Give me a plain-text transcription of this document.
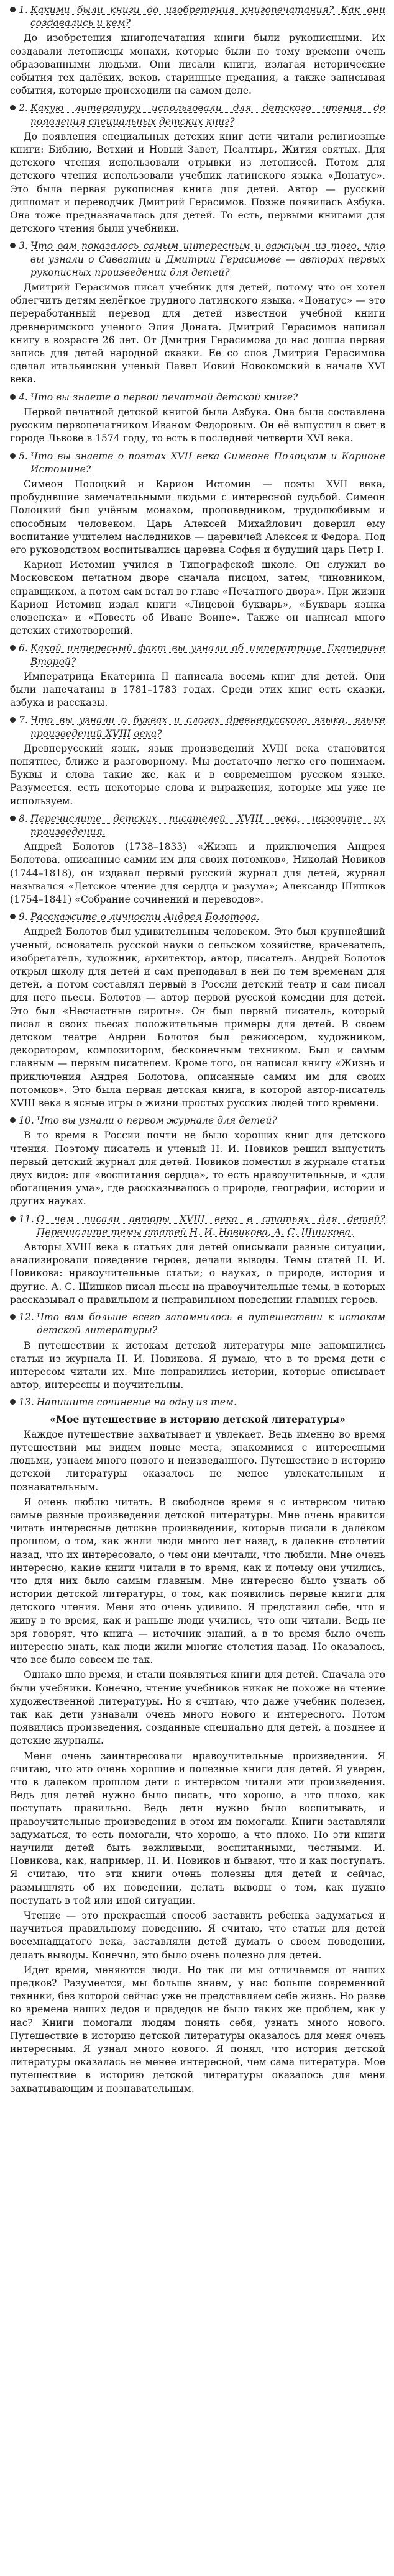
1. Какими были книги до изобретения книгопечатания? Как они создавались и кем?

До изобретения книгопечатания книги были рукописными. Их создавали летописцы монахи, которые были по тому времени очень образованными людьми. Они писали книги, излагая исторические события тех далёких, веков, старинные предания, а также записывая события, которые происходили на самом деле.

2. Какую литературу использовали для детского чтения до появления специальных детских книг?

До появления специальных детских книг дети читали религиозные книги: Библию, Ветхий и Новый Завет, Псалтырь, Жития святых. Для детского чтения использовали отрывки из летописей. Потом для детского чтения использовали учебник латинского языка «Донатус». Это была первая рукописная книга для детей. Автор — русский дипломат и переводчик Дмитрий Герасимов. Позже появилась Азбука. Она тоже предназначалась для детей. То есть, первыми книгами для детского чтения были учебники.

3. Что вам показалось самым интересным и важным из того, что вы узнали о Савватии и Дмитрии Герасимове — авторах первых рукописных произведений для детей?

Дмитрий Герасимов писал учебник для детей, потому что он хотел облегчить детям нелёгкое трудного латинского языка. «Донатус» — это переработанный перевод для детей известной учебной книги древнеримского ученого Элия Доната. Дмитрий Герасимов написал книгу в возрасте 26 лет. От Дмитрия Герасимова до нас дошла первая запись для детей народной сказки. Ее со слов Дмитрия Герасимова сделал итальянский ученый Павел Иовий Новокомский в начале XVI века.

4. Что вы знаете о первой печатной детской книге?

Первой печатной детской книгой была Азбука. Она была составлена русским первопечатником Иваном Федоровым. Он её выпустил в свет в городе Львове в 1574 году, то есть в последней четверти XVI века.

5. Что вы знаете о поэтах XVII века Симеоне Полоцком и Карионе Истомине?

Симеон Полоцкий и Карион Истомин — поэты XVII века, пробудившие замечательными людьми с интересной судьбой. Симеон Полоцкий был учёным монахом, проповедником, трудолюбивым и способным человеком. Царь Алексей Михайлович доверил ему воспитание учителем наследников — царевичей Алексея и Федора. Под его руководством воспитывались царевна Софья и будущий царь Петр I.

Карион Истомин учился в Типографской школе. Он служил во Московском печатном дворе сначала писцом, затем, чиновником, справщиком, а потом сам встал во главе «Печатного двора». При жизни Карион Истомин издал книги «Лицевой букварь», «Букварь языка словенска» и «Повесть об Иване Воине». Также он написал много детских стихотворений.

6. Какой интересный факт вы узнали об императрице Екатерине Второй?

Императрица Екатерина II написала восемь книг для детей. Они были напечатаны в 1781–1783 годах. Среди этих книг есть сказки, азбука и рассказы.

7. Что вы узнали о буквах и слогах древнерусского языка, языке произведений XVIII века?

Древнерусский язык, язык произведений XVIII века становится понятнее, ближе и разговорному. Мы достаточно легко его понимаем. Буквы и слова такие же, как и в современном русском языке. Разумеется, есть некоторые слова и выражения, которые мы уже не используем.

8. Перечислите детских писателей XVIII века, назовите их произведения.

Андрей Болотов (1738–1833) «Жизнь и приключения Андрея Болотова, описанные самим им для своих потомков», Николай Новиков (1744–1818), он издавал первый русский журнал для детей, журнал назывался «Детское чтение для сердца и разума»; Александр Шишков (1754–1841) «Собрание сочинений и переводов».

9. Расскажите о личности Андрея Болотова.

Андрей Болотов был удивительным человеком. Это был крупнейший ученый, основатель русской науки о сельском хозяйстве, врачеватель, изобретатель, художник, архитектор, автор, писатель. Андрей Болотов открыл школу для детей и сам преподавал в ней по тем временам для детей, а потом составлял первый в России детский театр и сам писал для него пьесы. Болотов — автор первой русской комедии для детей. Это был «Несчастные сироты». Он был первый писатель, который писал в своих пьесах положительные примеры для детей. В своем детском театре Андрей Болотов был режиссером, художником, декоратором, композитором, бесконечным техником. Был и самым главным — первым писателем. Кроме того, он написал книгу «Жизнь и приключения Андрея Болотова, описанные самим им для своих потомков». Это была первая детская книга, в которой автор-писатель XVIII века в ясные игры о жизни простых русских людей того времени.

10. Что вы узнали о первом журнале для детей?

В то время в России почти не было хороших книг для детского чтения. Поэтому писатель и ученый Н. И. Новиков решил выпустить первый детский журнал для детей. Новиков поместил в журнале статьи двух видов: для «воспитания сердца», то есть нравоучительные, и «для обогащения ума», где рассказывалось о природе, географии, истории и других науках.

11. О чем писали авторы XVIII века в статьях для детей? Перечислите темы статей Н. И. Новикова, А. С. Шишкова.

Авторы XVIII века в статьях для детей описывали разные ситуации, анализировали поведение героев, делали выводы. Темы статей Н. И. Новикова: нравоучительные статьи; о науках, о природе, история и другие. А. С. Шишков писал пьесы на нравоучительные темы, в которых рассказывал о правильном и неправильном поведении главных героев.

12. Что вам больше всего запомнилось в путешествии к истокам детской литературы?

В путешествии к истокам детской литературы мне запомнились статьи из журнала Н. И. Новикова. Я думаю, что в то время дети с интересом читали их. Мне понравились истории, которые описывает автор, интересны и поучительны.

13. Напишите сочинение на одну из тем.
«Мое путешествие в историю детской литературы»

Каждое путешествие захватывает и увлекает. Ведь именно во время путешествий мы видим новые места, знакомимся с интересными людьми, узнаем много нового и неизведанного. Путешествие в историю детской литературы оказалось не менее увлекательным и познавательным.

Я очень люблю читать. В свободное время я с интересом читаю самые разные произведения детской литературы. Мне очень нравится читать интересные детские произведения, которые писали в далёком прошлом, о том, как жили люди много лет назад, в далекие столетий назад, что их интересовало, о чем они мечтали, что любили. Мне очень интересно, какие книги читали в то время, как и почему они учились, что для них было самым главным. Мне интересно было узнать об истории детской литературы, о том, как появились первые книги для детского чтения. Меня это очень удивило. Я представил себе, что я живу в то время, как и раньше люди учились, что они читали. Ведь не зря говорят, что книга — источник знаний, а в то время было очень интересно знать, как люди жили многие столетия назад. Но оказалось, что все было совсем не так.

Однако шло время, и стали появляться книги для детей. Сначала это были учебники. Конечно, чтение учебников никак не похоже на чтение художественной литературы. Но я считаю, что даже учебник полезен, так как дети узнавали очень много нового и интересного. Потом появились произведения, созданные специально для детей, а позднее и детские журналы.

Меня очень заинтересовали нравоучительные произведения. Я считаю, что это очень хорошие и полезные книги для детей. Я уверен, что в далеком прошлом дети с интересом читали эти произведения. Ведь для детей нужно было писать, что хорошо, а что плохо, как поступать правильно. Ведь дети нужно было воспитывать, и нравоучительные произведения в этом им помогали. Книги заставляли задуматься, то есть помогали, что хорошо, а что плохо. Но эти книги научили детей быть вежливыми, воспитанными, честными. И. Новикова, как, например, Н. И. Новиков и бывают, что и как поступать. Я считаю, что эти книги очень полезны для детей и сейчас, размышлять об их поведении, делать выводы о том, как нужно поступать в той или иной ситуации.

Чтение — это прекрасный способ заставить ребенка задуматься и научиться правильному поведению. Я считаю, что статьи для детей восемнадцатого века, заставляли детей думать о своем поведении, делать выводы. Конечно, это было очень полезно для детей.

Идет время, меняются люди. Но так ли мы отличаемся от наших предков? Разумеется, мы больше знаем, у нас больше современной техники, без которой сейчас уже не представляем себе жизнь. Но разве во времена наших дедов и прадедов не было таких же проблем, как у нас? Книги помогали людям понять себя, узнать много нового. Путешествие в историю детской литературы оказалось для меня очень интересным. Я узнал много нового. Я понял, что история детской литературы оказалась не менее интересной, чем сама литература. Мое путешествие в историю детской литературы оказалось для меня захватывающим и познавательным.
